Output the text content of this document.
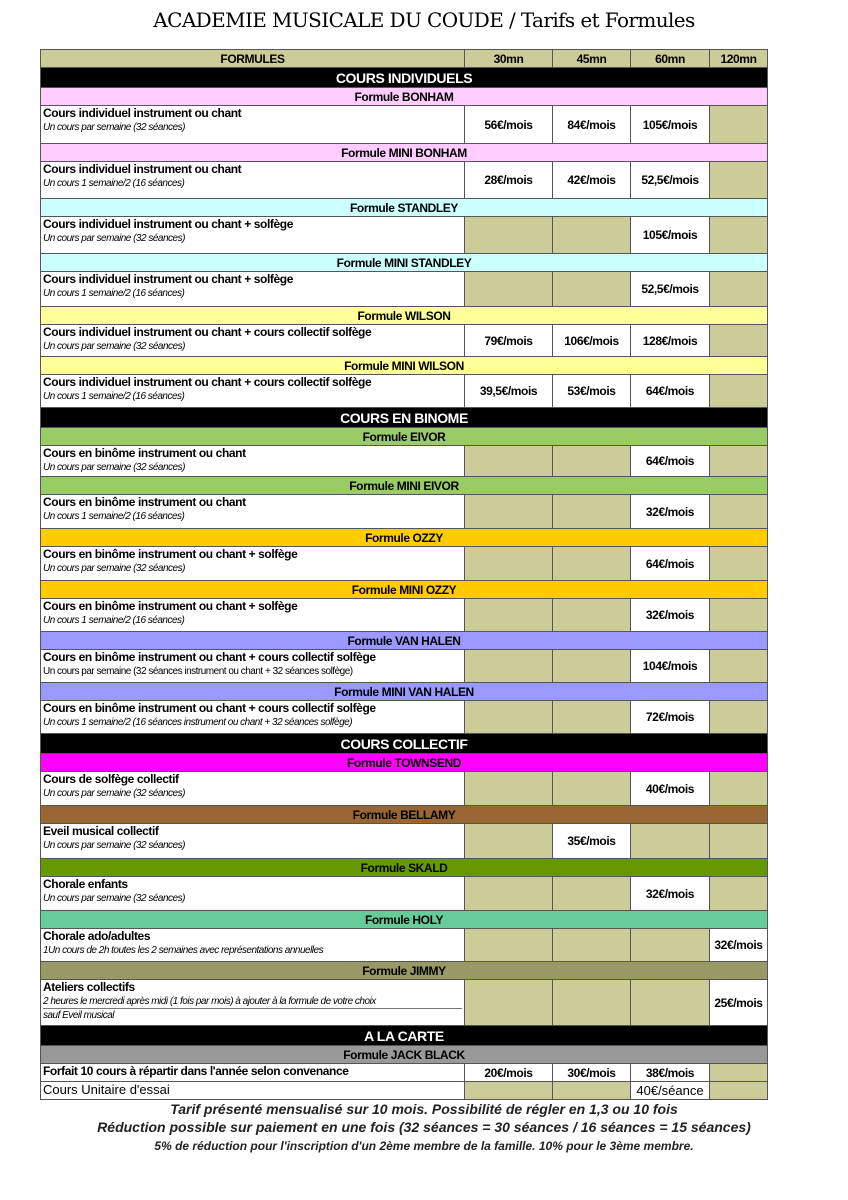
ACADEMIE MUSICALE DU COUDE / Tarifs et Formules
FORMULES	30mn	45mn	60mn	120mn
COURS INDIVIDUELS				
Formule BONHAM				

Cours individuel instrument ou chant
Un cours par semaine (32 séances)	56€/mois	84€/mois	105€/mois	
Formule MINI BONHAM				

Cours individuel instrument ou chant
Un cours 1 semaine/2 (16 séances)	28€/mois	42€/mois	52,5€/mois	
Formule STANDLEY				

Cours individuel instrument ou chant + solfège
Un cours par semaine (32 séances)			105€/mois	
Formule MINI STANDLEY				

Cours individuel instrument ou chant + solfège
Un cours 1 semaine/2 (16 séances)			52,5€/mois	
Formule WILSON				

Cours individuel instrument ou chant + cours collectif solfège
Un cours par semaine (32 séances)	79€/mois	106€/mois	128€/mois	
Formule MINI WILSON				

Cours individuel instrument ou chant + cours collectif solfège
Un cours 1 semaine/2 (16 séances)	39,5€/mois	53€/mois	64€/mois	
COURS EN BINOME				
Formule EIVOR				

Cours en binôme instrument ou chant
Un cours par semaine (32 séances)			64€/mois	
Formule MINI EIVOR				

Cours en binôme instrument ou chant
Un cours 1 semaine/2 (16 séances)			32€/mois	
Formule OZZY				

Cours en binôme instrument ou chant + solfège
Un cours par semaine (32 séances)			64€/mois	
Formule MINI OZZY				

Cours en binôme instrument ou chant + solfège
Un cours 1 semaine/2 (16 séances)			32€/mois	
Formule VAN HALEN				

Cours en binôme instrument ou chant + cours collectif solfège
Un cours par semaine (32 séances instrument ou chant + 32 séances solfège)			104€/mois	
Formule MINI VAN HALEN				

Cours en binôme instrument ou chant + cours collectif solfège
Un cours 1 semaine/2 (16 séances instrument ou chant + 32 séances solfège)			72€/mois	
COURS COLLECTIF				
Formule TOWNSEND				

Cours de solfège collectif
Un cours par semaine (32 séances)			40€/mois	
Formule BELLAMY				

Eveil musical collectif
Un cours par semaine (32 séances)		35€/mois		
Formule SKALD				

Chorale enfants
Un cours par semaine (32 séances)			32€/mois	
Formule HOLY				

Chorale ado/adultes
1Un cours de 2h toutes les 2 semaines avec représentations annuelles				32€/mois
Formule JIMMY				

Ateliers collectifs
2 heures le mercredi après midi (1 fois par mois) à ajouter à la formule de votre choix
sauf Eveil musical				25€/mois
A LA CARTE				
Formule JACK BLACK				

Forfait 10 cours à répartir dans l'année selon convenance	20€/mois	30€/mois	38€/mois	

Cours Unitaire d'essai			40€/séance	
Tarif présenté mensualisé sur 10 mois. Possibilité de régler en 1,3 ou 10 fois
Réduction possible sur paiement en une fois (32 séances = 30 séances / 16 séances = 15 séances)
5% de réduction pour l'inscription d'un 2ème membre de la famille. 10% pour le 3ème membre.
